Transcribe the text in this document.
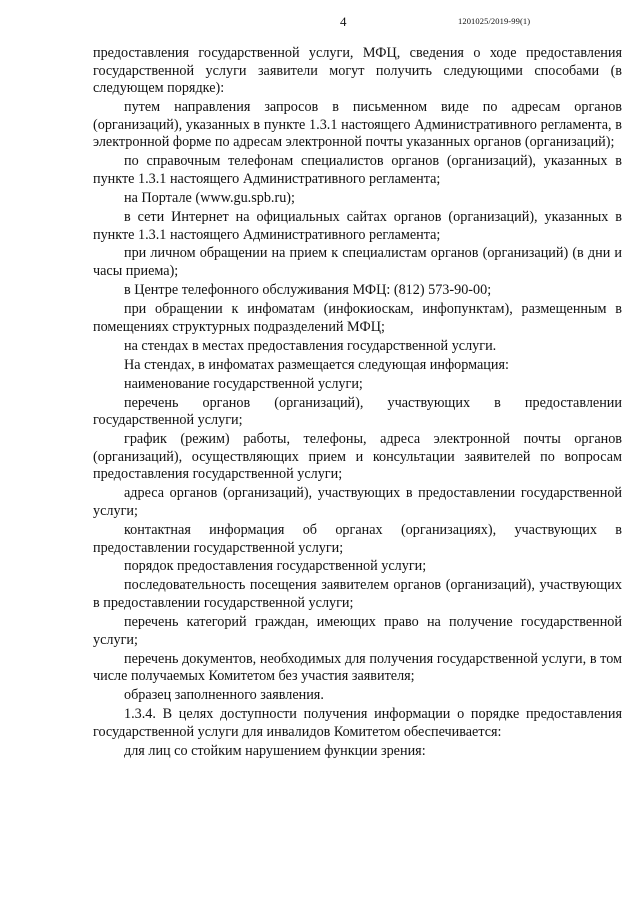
4	1201025/2019-99(1)

предоставления государственной услуги, МФЦ, сведения о ходе предоставления государственной услуги заявители могут получить следующими способами (в следующем порядке):

путем направления запросов в письменном виде по адресам органов (организаций), указанных в пункте 1.3.1 настоящего Административного регламента, в электронной форме по адресам электронной почты указанных органов (организаций);

по справочным телефонам специалистов органов (организаций), указанных в пункте 1.3.1 настоящего Административного регламента;

на Портале (www.gu.spb.ru);

в сети Интернет на официальных сайтах органов (организаций), указанных в пункте 1.3.1 настоящего Административного регламента;

при личном обращении на прием к специалистам органов (организаций) (в дни и часы приема);

в Центре телефонного обслуживания МФЦ: (812) 573-90-00;

при обращении к инфоматам (инфокиоскам, инфопунктам), размещенным в помещениях структурных подразделений МФЦ;

на стендах в местах предоставления государственной услуги.

На стендах, в инфоматах размещается следующая информация:

наименование государственной услуги;

перечень органов (организаций), участвующих в предоставлении государственной услуги;

график (режим) работы, телефоны, адреса электронной почты органов (организаций), осуществляющих прием и консультации заявителей по вопросам предоставления государственной услуги;

адреса органов (организаций), участвующих в предоставлении государственной услуги;

контактная информация об органах (организациях), участвующих в предоставлении государственной услуги;

порядок предоставления государственной услуги;

последовательность посещения заявителем органов (организаций), участвующих в предоставлении государственной услуги;

перечень категорий граждан, имеющих право на получение государственной услуги;

перечень документов, необходимых для получения государственной услуги, в том числе получаемых Комитетом без участия заявителя;

образец заполненного заявления.

1.3.4. В целях доступности получения информации о порядке предоставления государственной услуги для инвалидов Комитетом обеспечивается:

для лиц со стойким нарушением функции зрения:
